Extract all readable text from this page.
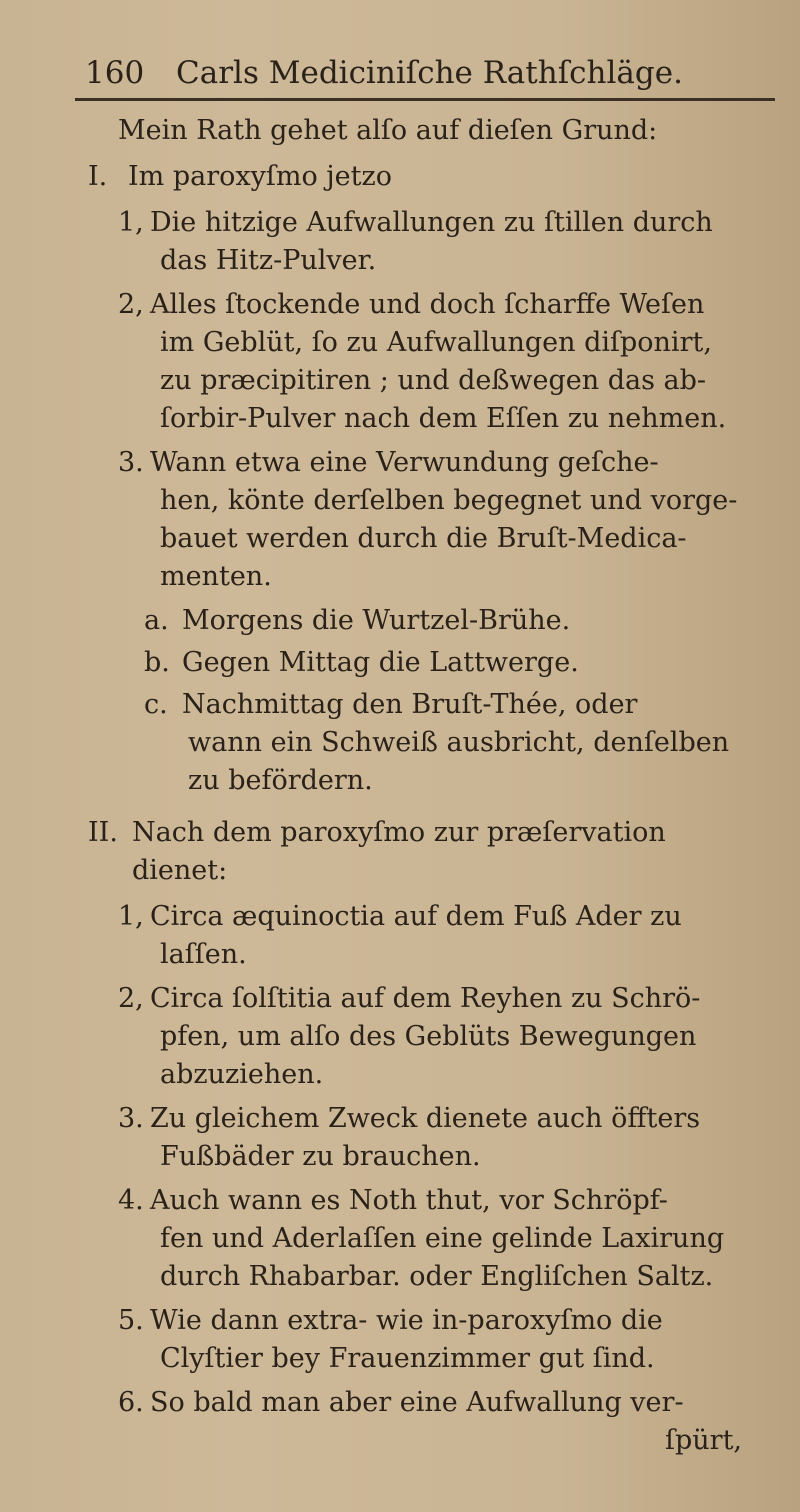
160 Carls Mediciniſche Rathſchläge.
Mein Rath gehet alſo auf dieſen Grund:
I. Im paroxyſmo jetzo
1, Die hitzige Aufwallungen zu ſtillen durch
das Hitz-Pulver.
2, Alles ſtockende und doch ſcharffe Weſen
im Geblüt, ſo zu Aufwallungen diſponirt,
zu præcipitiren ; und deßwegen das ab-
ſorbir-Pulver nach dem Eſſen zu nehmen.
3. Wann etwa eine Verwundung geſche-
hen, könte derſelben begegnet und vorge-
bauet werden durch die Bruſt-Medica-
menten.
a. Morgens die Wurtzel-Brühe.
b. Gegen Mittag die Lattwerge.
c. Nachmittag den Bruſt-Thée, oder
wann ein Schweiß ausbricht, denſelben
zu befördern.
II. Nach dem paroxyſmo zur præſervation
dienet:
1, Circa æquinoctia auf dem Fuß Ader zu
laſſen.
2, Circa ſolſtitia auf dem Reyhen zu Schrö-
pfen, um alſo des Geblüts Bewegungen
abzuziehen.
3. Zu gleichem Zweck dienete auch öffters
Fußbäder zu brauchen.
4. Auch wann es Noth thut, vor Schröpf-
fen und Aderlaſſen eine gelinde Laxirung
durch Rhabarbar. oder Engliſchen Saltz.
5. Wie dann extra- wie in-paroxyſmo die
Clyſtier bey Frauenzimmer gut ſind.
6. So bald man aber eine Aufwallung ver-
ſpürt,
